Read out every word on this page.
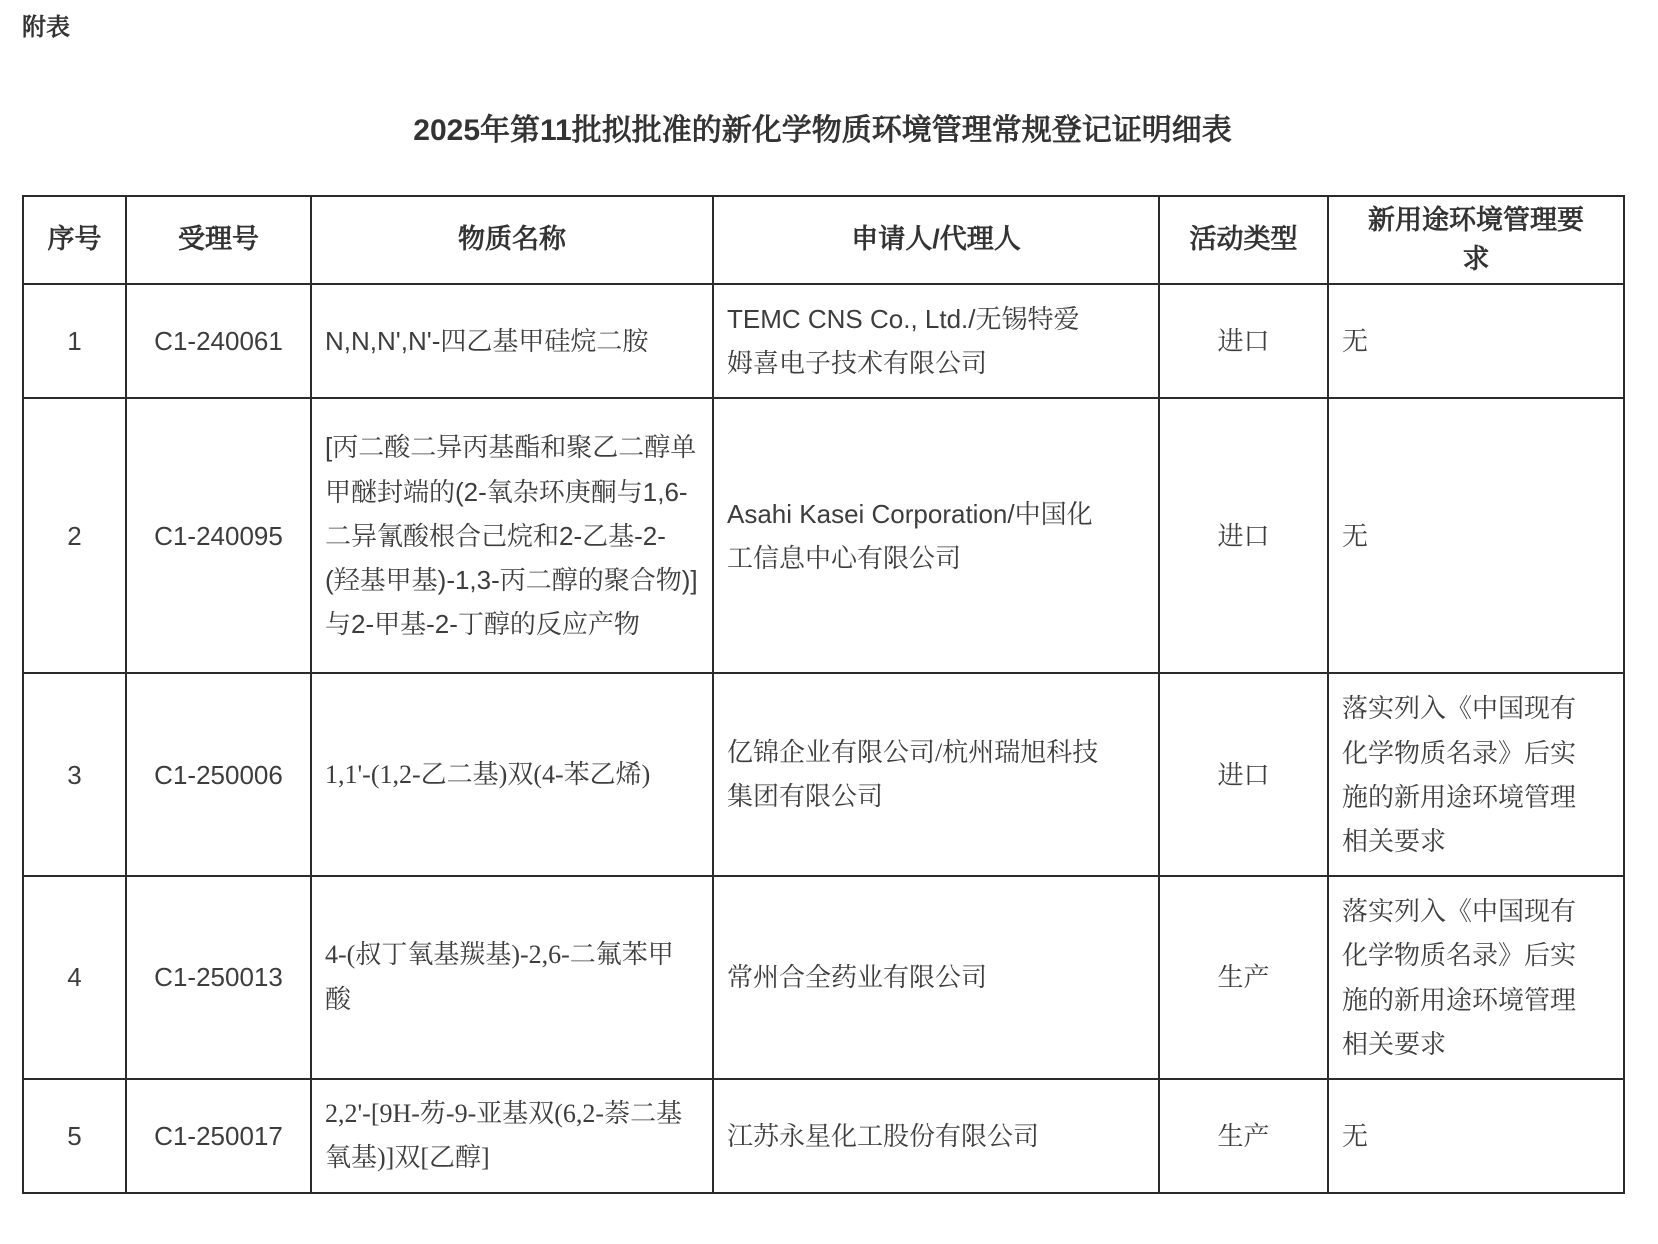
附表
2025年第11批拟批准的新化学物质环境管理常规登记证明细表
序号	受理号	物质名称	申请人/代理人	活动类型	新用途环境管理要求
1	C1-240061	N,N,N',N'-四乙基甲硅烷二胺	TEMC CNS Co., Ltd./无锡特爱姆喜电子技术有限公司	进口	无
2	C1-240095	[丙二酸二异丙基酯和聚乙二醇单甲醚封端的(2-氧杂环庚酮与1,6-二异氰酸根合己烷和2-乙基-2-(羟基甲基)-1,3-丙二醇的聚合物)]与2-甲基-2-丁醇的反应产物	Asahi Kasei Corporation/中国化工信息中心有限公司	进口	无
3	C1-250006	1,1'-(1,2-乙二基)双(4-苯乙烯)	亿锦企业有限公司/杭州瑞旭科技集团有限公司	进口	落实列入《中国现有化学物质名录》后实施的新用途环境管理相关要求
4	C1-250013	4-(叔丁氧基羰基)-2,6-二氟苯甲酸	常州合全药业有限公司	生产	落实列入《中国现有化学物质名录》后实施的新用途环境管理相关要求
5	C1-250017	2,2'-[9H-芴-9-亚基双(6,2-萘二基氧基)]双[乙醇]	江苏永星化工股份有限公司	生产	无
